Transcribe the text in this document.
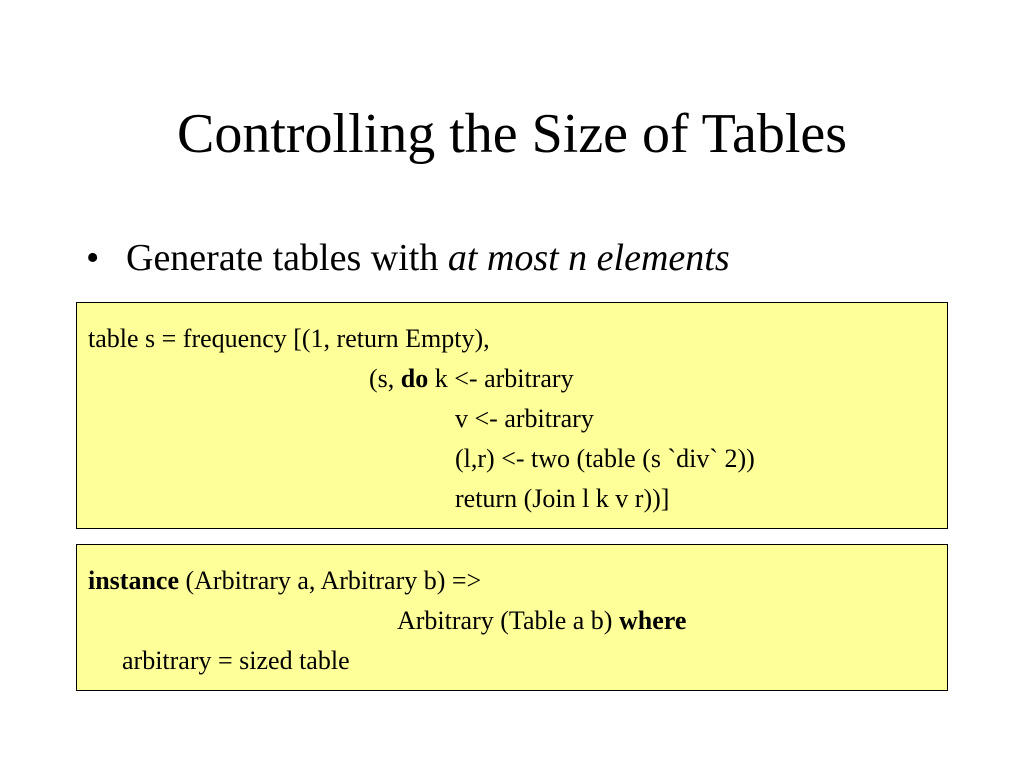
Controlling the Size of Tables
• Generate tables with at most n elements
table s = frequency [(1, return Empty),
(s, do k <- arbitrary
v <- arbitrary
(l,r) <- two (table (s `div` 2))
return (Join l k v r))]
instance (Arbitrary a, Arbitrary b) =>
Arbitrary (Table a b) where
arbitrary = sized table
